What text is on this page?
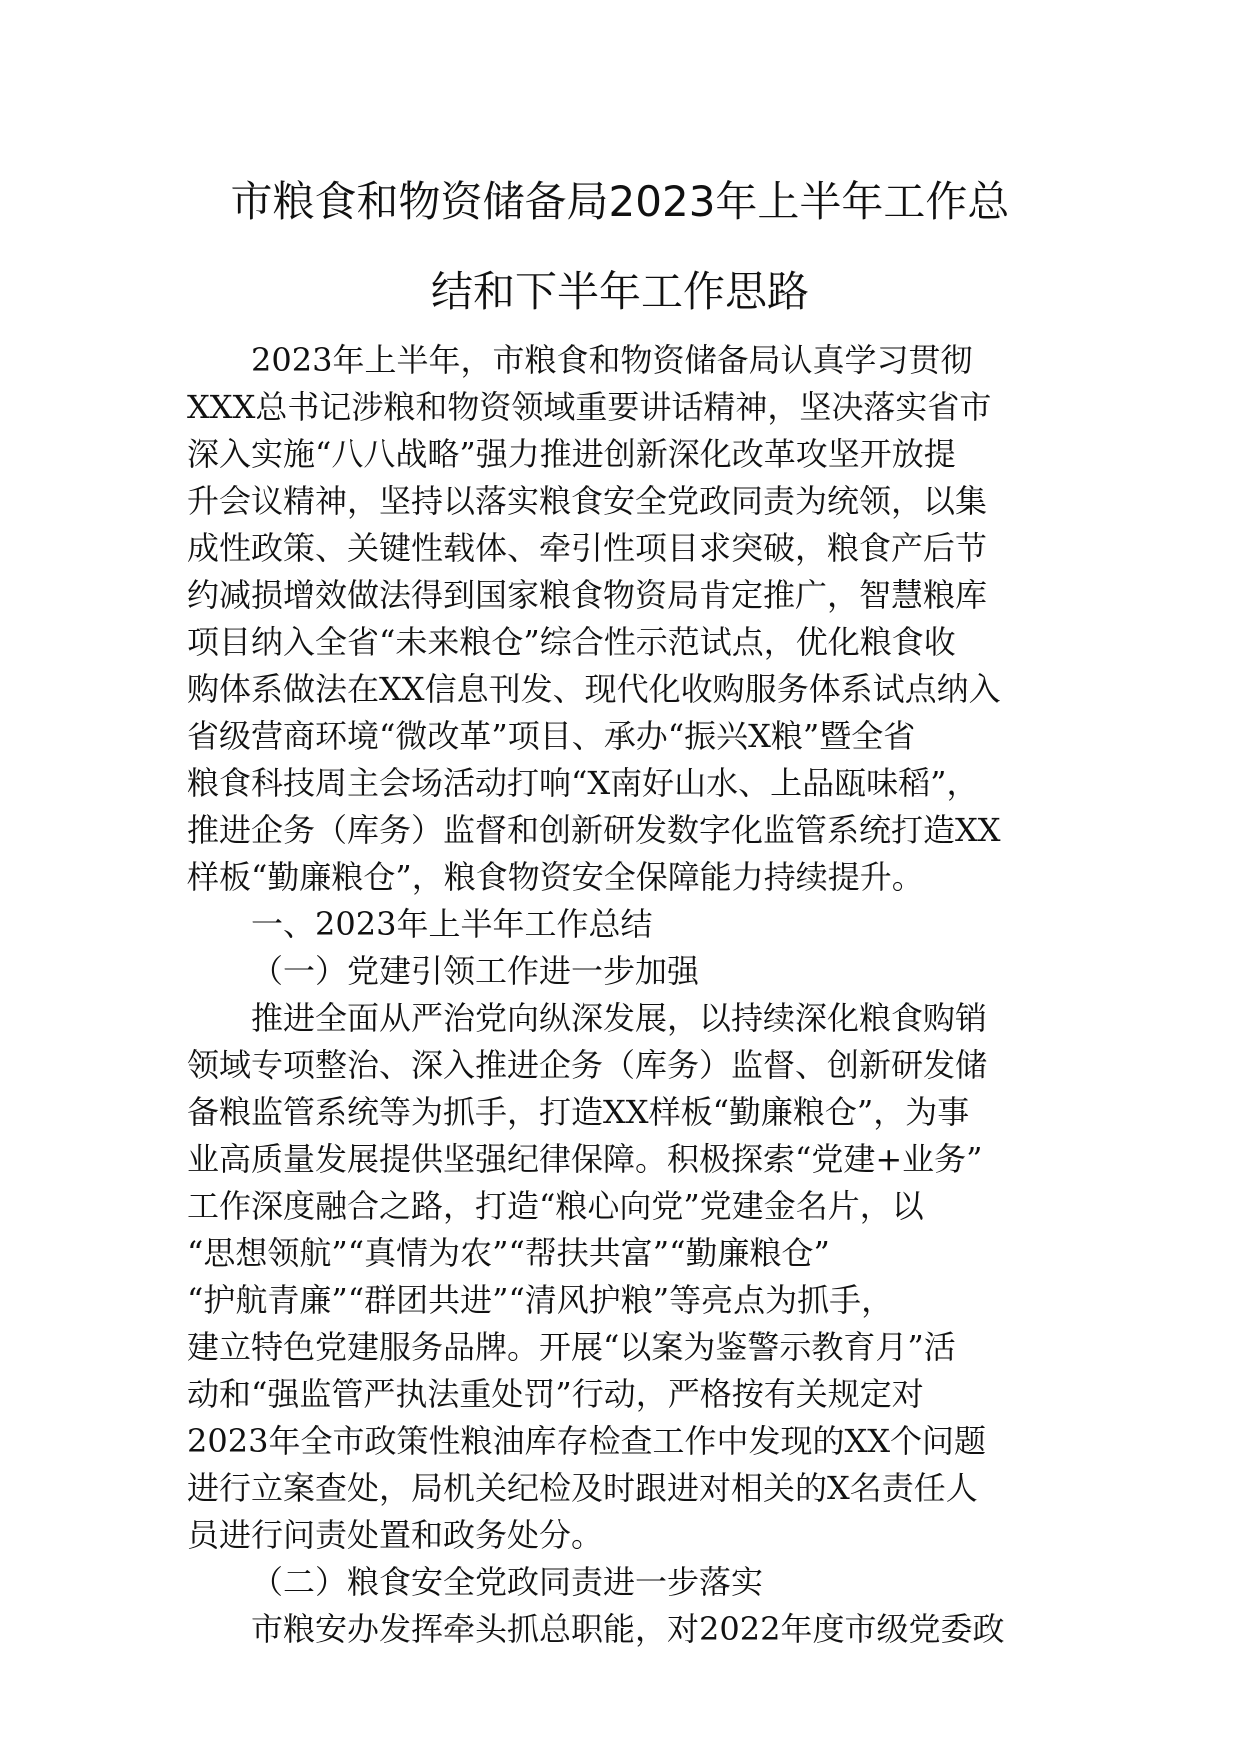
市粮食和物资储备局2023年上半年工作总
结和下半年工作思路
2023年上半年，市粮食和物资储备局认真学习贯彻
XXX总书记涉粮和物资领域重要讲话精神，坚决落实省市
深入实施“八八战略”强力推进创新深化改革攻坚开放提
升会议精神，坚持以落实粮食安全党政同责为统领，以集
成性政策、关键性载体、牵引性项目求突破，粮食产后节
约减损增效做法得到国家粮食物资局肯定推广，智慧粮库
项目纳入全省“未来粮仓”综合性示范试点，优化粮食收
购体系做法在XX信息刊发、现代化收购服务体系试点纳入
省级营商环境“微改革”项目、承办“振兴X粮”暨全省
粮食科技周主会场活动打响“X南好山水、上品瓯味稻”，
推进企务（库务）监督和创新研发数字化监管系统打造XX
样板“勤廉粮仓”，粮食物资安全保障能力持续提升。
一、2023年上半年工作总结
（一）党建引领工作进一步加强
推进全面从严治党向纵深发展，以持续深化粮食购销
领域专项整治、深入推进企务（库务）监督、创新研发储
备粮监管系统等为抓手，打造XX样板“勤廉粮仓”，为事
业高质量发展提供坚强纪律保障。积极探索“党建+业务”
工作深度融合之路，打造“粮心向党”党建金名片，以
“思想领航”“真情为农”“帮扶共富”“勤廉粮仓”
“护航青廉”“群团共进”“清风护粮”等亮点为抓手，
建立特色党建服务品牌。开展“以案为鉴警示教育月”活
动和“强监管严执法重处罚”行动，严格按有关规定对
2023年全市政策性粮油库存检查工作中发现的XX个问题
进行立案查处，局机关纪检及时跟进对相关的X名责任人
员进行问责处置和政务处分。
（二）粮食安全党政同责进一步落实
市粮安办发挥牵头抓总职能，对2022年度市级党委政
